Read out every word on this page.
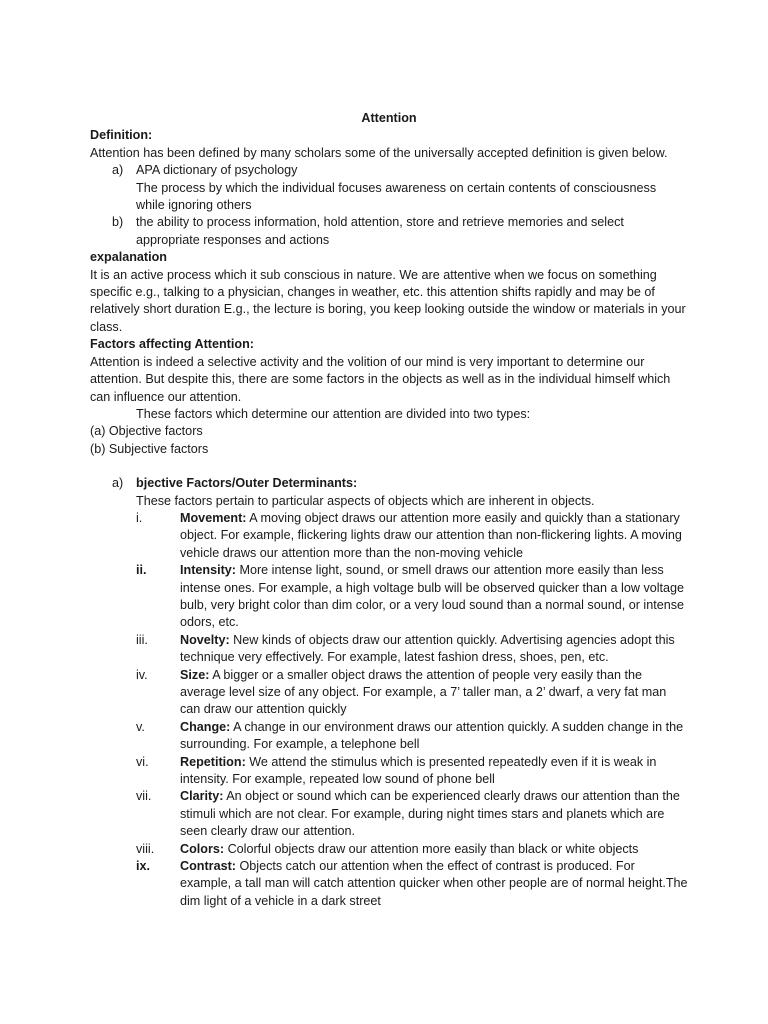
Attention

Definition:

Attention has been defined by many scholars some of the universally accepted definition is given below.

a)	APA dictionary of psychology

The process by which the individual focuses awareness on certain contents of consciousness while ignoring others

b)	the ability to process information, hold attention, store and retrieve memories and select appropriate responses and actions

expalanation

It is an active process which it sub conscious in nature. We are attentive when we focus on something specific e.g., talking to a physician, changes in weather, etc. this attention shifts rapidly and may be of relatively short duration E.g., the lecture is boring, you keep looking outside the window or materials in your class.

Factors affecting Attention:

Attention is indeed a selective activity and the volition of our mind is very important to determine our attention. But despite this, there are some factors in the objects as well as in the individual himself which can influence our attention.

These factors which determine our attention are divided into two types:

(a) Objective factors

(b) Subjective factors

a)	bjective Factors/Outer Determinants:

These factors pertain to particular aspects of objects which are inherent in objects.

i.	Movement: A moving object draws our attention more easily and quickly than a stationary object. For example, flickering lights draw our attention than non-flickering lights. A moving vehicle draws our attention more than the non-moving vehicle

ii.	Intensity: More intense light, sound, or smell draws our attention more easily than less intense ones. For example, a high voltage bulb will be observed quicker than a low voltage bulb, very bright color than dim color, or a very loud sound than a normal sound, or intense odors, etc.

iii.	Novelty: New kinds of objects draw our attention quickly. Advertising agencies adopt this technique very effectively. For example, latest fashion dress, shoes, pen, etc.

iv.	Size: A bigger or a smaller object draws the attention of people very easily than the average level size of any object. For example, a 7’ taller man, a 2’ dwarf, a very fat man can draw our attention quickly

v.	Change: A change in our environment draws our attention quickly. A sudden change in the surrounding. For example, a telephone bell

vi.	Repetition: We attend the stimulus which is presented repeatedly even if it is weak in intensity. For example, repeated low sound of phone bell

vii.	Clarity: An object or sound which can be experienced clearly draws our attention than the stimuli which are not clear. For example, during night times stars and planets which are seen clearly draw our attention.

viii.	Colors: Colorful objects draw our attention more easily than black or white objects

ix.	Contrast: Objects catch our attention when the effect of contrast is produced. For example, a tall man will catch attention quicker when other people are of normal height.The dim light of a vehicle in a dark street
